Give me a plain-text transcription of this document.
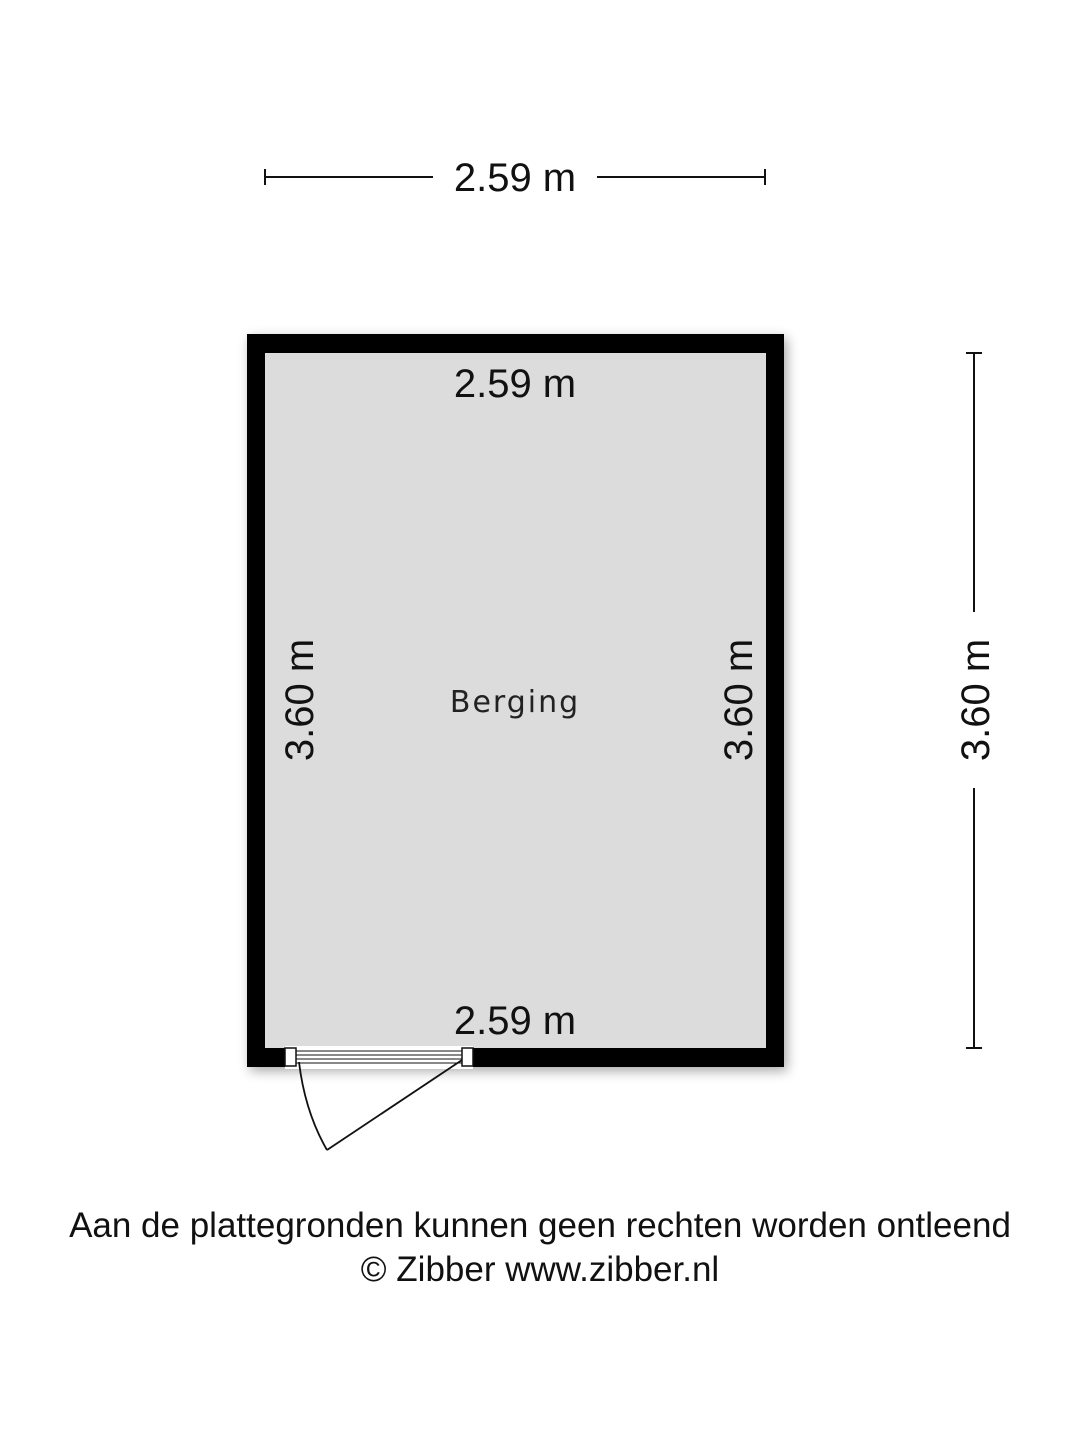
2.59 m
3.60 m
2.59 m
2.59 m
3.60 m	3.60 m
Berging
Aan de plattegronden kunnen geen rechten worden ontleend
© Zibber www.zibber.nl
